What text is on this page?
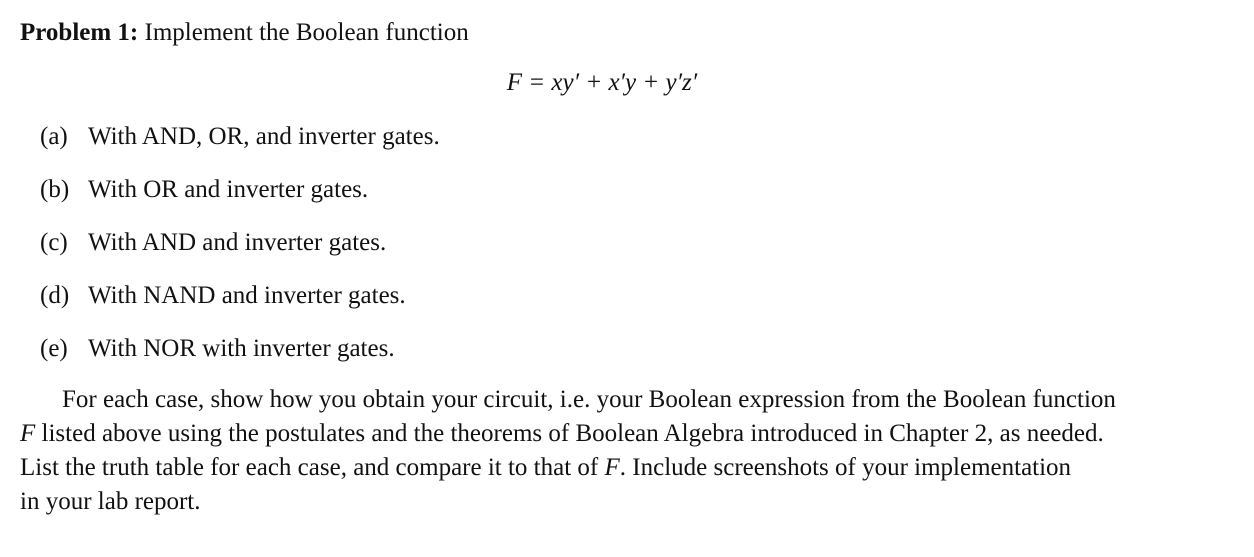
Problem 1: Implement the Boolean function
F = xy′ + x′y + y′z′
(a) With AND, OR, and inverter gates.
(b) With OR and inverter gates.
(c) With AND and inverter gates.
(d) With NAND and inverter gates.
(e) With NOR with inverter gates.
For each case, show how you obtain your circuit, i.e. your Boolean expression from the Boolean function
F listed above using the postulates and the theorems of Boolean Algebra introduced in Chapter 2, as needed.
List the truth table for each case, and compare it to that of F. Include screenshots of your implementation
in your lab report.
